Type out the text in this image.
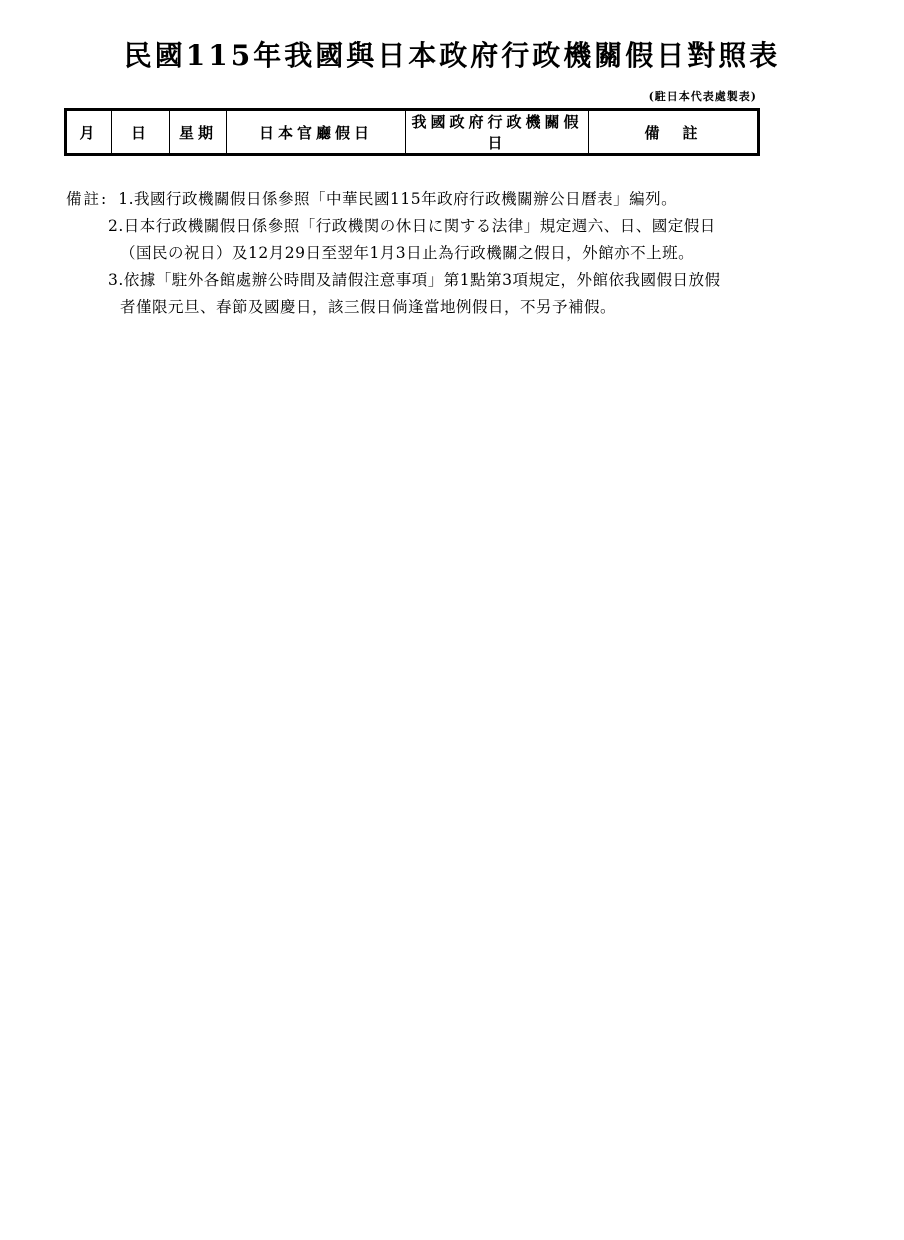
民國115年我國與日本政府行政機關假日對照表
(駐日本代表處製表)
月	日	星期	日本官廳假日	我國政府行政機關假日	備　註
備註: 1.我國行政機關假日係參照「中華民國115年政府行政機關辦公日曆表」編列。
2.日本行政機關假日係參照「行政機関の休日に関する法律」規定週六、日、國定假日
（国民の祝日）及12月29日至翌年1月3日止為行政機關之假日，外館亦不上班。
3.依據「駐外各館處辦公時間及請假注意事項」第1點第3項規定，外館依我國假日放假
者僅限元旦、春節及國慶日，該三假日倘逢當地例假日，不另予補假。
